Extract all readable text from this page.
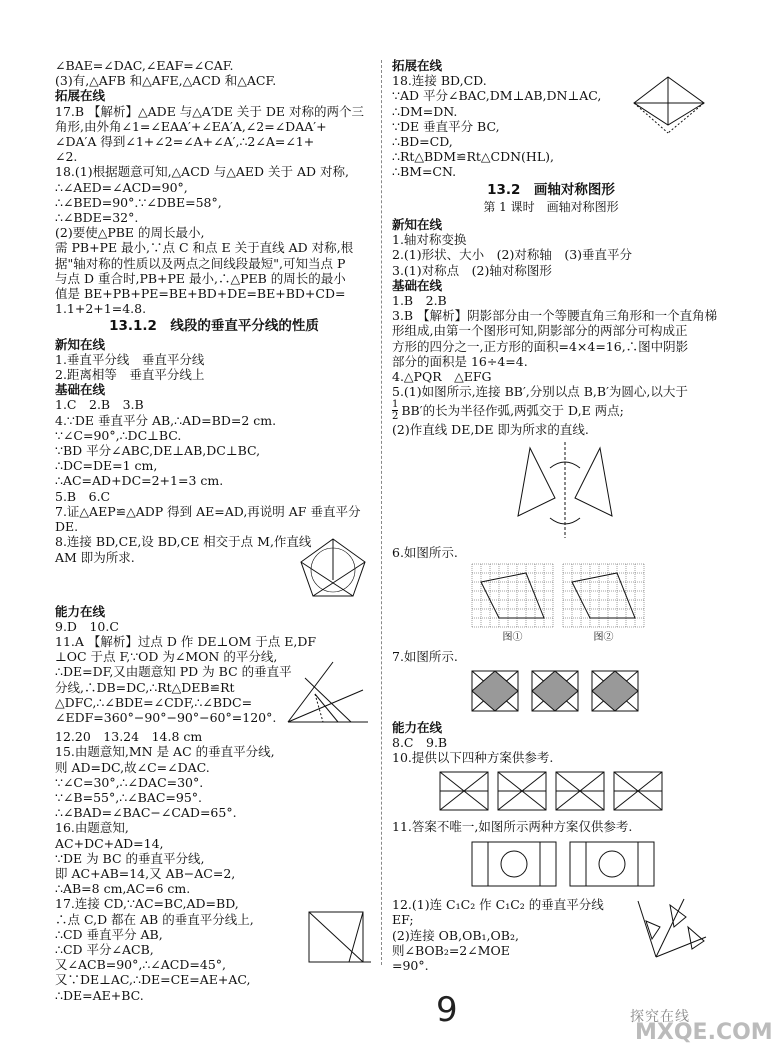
∠BAE=∠DAC,∠EAF=∠CAF.
(3)有,△AFB 和△AFE,△ACD 和△ACF.
拓展在线
17.B 【解析】△ADE 与△A′DE 关于 DE 对称的两个三
角形,由外角∠1=∠EAA′+∠EA′A,∠2=∠DAA′+
∠DA′A 得到∠1+∠2=∠A+∠A′,∴2∠A=∠1+
∠2.
18.(1)根据题意可知,△ACD 与△AED 关于 AD 对称,
∴∠AED=∠ACD=90°,
∴∠BED=90°.∵∠DBE=58°,
∴∠BDE=32°.
(2)要使△PBE 的周长最小,
需 PB+PE 最小,∵点 C 和点 E 关于直线 AD 对称,根
据"轴对称的性质以及两点之间线段最短",可知当点 P
与点 D 重合时,PB+PE 最小,∴△PEB 的周长的最小
值是 BE+PB+PE=BE+BD+DE=BE+BD+CD=
1.1+2+1=4.8.
13.1.2　线段的垂直平分线的性质
新知在线
1.垂直平分线　垂直平分线
2.距离相等　垂直平分线上
基础在线
1.C　2.B　3.B
4.∵DE 垂直平分 AB,∴AD=BD=2 cm.
∵∠C=90°,∴DC⊥BC.
∵BD 平分∠ABC,DE⊥AB,DC⊥BC,
∴DC=DE=1 cm,
∴AC=AD+DC=2+1=3 cm.
5.B　6.C
7.证△AEP≌△ADP 得到 AE=AD,再说明 AF 垂直平分
DE.
8.连接 BD,CE,设 BD,CE 相交于点 M,作直线
AM 即为所求.
能力在线
9.D　10.C
11.A 【解析】过点 D 作 DE⊥OM 于点 E,DF
⊥OC 于点 F,∵OD 为∠MON 的平分线,
∴DE=DF,又由题意知 PD 为 BC 的垂直平
分线,∴DB=DC,∴Rt△DEB≌Rt
△DFC,∴∠BDE=∠CDF,∴∠BDC=
∠EDF=360°−90°−90°−60°=120°.
12.20　13.24　14.8 cm
15.由题意知,MN 是 AC 的垂直平分线,
则 AD=DC,故∠C=∠DAC.
∵∠C=30°,∴∠DAC=30°.
∵∠B=55°,∴∠BAC=95°.
∴∠BAD=∠BAC−∠CAD=65°.
16.由题意知,
AC+DC+AD=14,
∵DE 为 BC 的垂直平分线,
即 AC+AB=14,又 AB−AC=2,
∴AB=8 cm,AC=6 cm.
17.连接 CD,∵AC=BC,AD=BD,
∴点 C,D 都在 AB 的垂直平分线上,
∴CD 垂直平分 AB,
∴CD 平分∠ACB,
又∠ACB=90°,∴∠ACD=45°,
又∵DE⊥AC,∴DE=CE=AE+AC,
∴DE=AE+BC.
拓展在线
18.连接 BD,CD.
∵AD 平分∠BAC,DM⊥AB,DN⊥AC,
∴DM=DN.
∵DE 垂直平分 BC,
∴BD=CD,
∴Rt△BDM≌Rt△CDN(HL),
∴BM=CN.
13.2　画轴对称图形
第 1 课时　画轴对称图形
新知在线
1.轴对称变换
2.(1)形状、大小　(2)对称轴　(3)垂直平分
3.(1)对称点　(2)轴对称图形
基础在线
1.B　2.B
3.B 【解析】阴影部分由一个等腰直角三角形和一个直角梯
形组成,由第一个图形可知,阴影部分的两部分可构成正
方形的四分之一,正方形的面积=4×4=16,∴图中阴影
部分的面积是 16÷4=4.
4.△PQR　△EFG
5.(1)如图所示,连接 BB′,分别以点 B,B′为圆心,以大于
$\frac{1}{2} BB'$的长为半径作弧,两弧交于 D,E 两点;
(2)作直线 DE,DE 即为所求的直线.
6.如图所示.
图①	图②
7.如图所示.
能力在线
8.C　9.B
10.提供以下四种方案供参考.
11.答案不唯一,如图所示两种方案仅供参考.
12.(1)连 C₁C₂ 作 C₁C₂ 的垂直平分线
EF;
(2)连接 OB,OB₁,OB₂,
则∠BOB₂=2∠MOE
=90°.
9	探究在线
MXQE.COM
